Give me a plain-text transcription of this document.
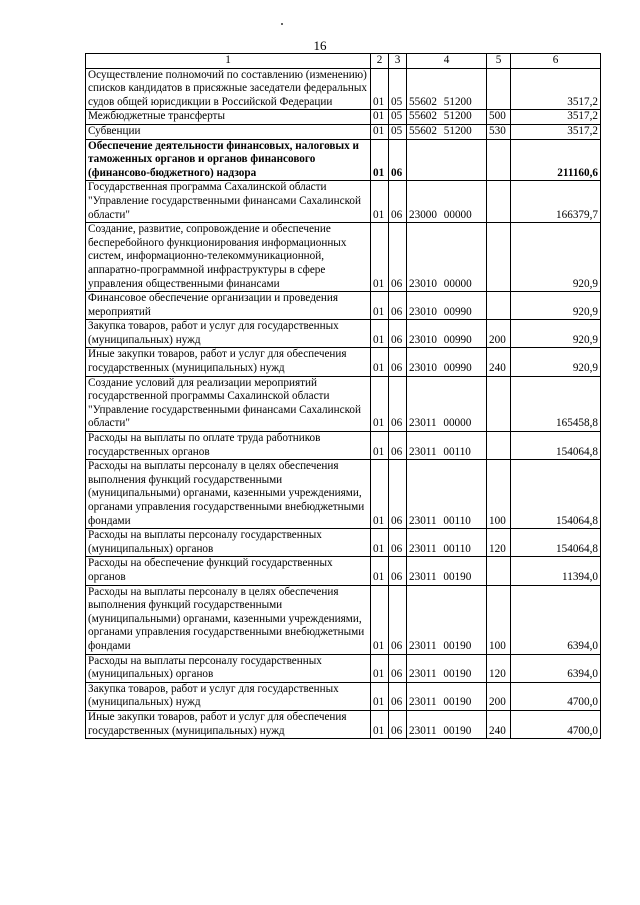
16
1	2	3	4	5	6
Осуществление полномочий по составлению (изменению) списков кандидатов в присяжные заседатели федеральных судов общей юрисдикции в Российской Федерации	01	05	55602 51200		3517,2
Межбюджетные трансферты	01	05	55602 51200	500	3517,2
Субвенции	01	05	55602 51200	530	3517,2
Обеспечение деятельности финансовых, налоговых и таможенных органов и органов финансового (финансово-бюджетного) надзора	01	06			211160,6
Государственная программа Сахалинской области "Управление государственными финансами Сахалинской области"	01	06	23000 00000		166379,7
Создание, развитие, сопровождение и обеспечение бесперебойного функционирования информационных систем, информационно-телекоммуникационной, аппаратно-программной инфраструктуры в сфере управления общественными финансами	01	06	23010 00000		920,9
Финансовое обеспечение организации и проведения мероприятий	01	06	23010 00990		920,9
Закупка товаров, работ и услуг для государственных (муниципальных) нужд	01	06	23010 00990	200	920,9
Иные закупки товаров, работ и услуг для обеспечения государственных (муниципальных) нужд	01	06	23010 00990	240	920,9
Создание условий для реализации мероприятий государственной программы Сахалинской области "Управление государственными финансами Сахалинской области"	01	06	23011 00000		165458,8
Расходы на выплаты по оплате труда работников государственных органов	01	06	23011 00110		154064,8
Расходы на выплаты персоналу в целях обеспечения выполнения функций государственными (муниципальными) органами, казенными учреждениями, органами управления государственными внебюджетными фондами	01	06	23011 00110	100	154064,8
Расходы на выплаты персоналу государственных (муниципальных) органов	01	06	23011 00110	120	154064,8
Расходы на обеспечение функций государственных органов	01	06	23011 00190		11394,0
Расходы на выплаты персоналу в целях обеспечения выполнения функций государственными (муниципальными) органами, казенными учреждениями, органами управления государственными внебюджетными фондами	01	06	23011 00190	100	6394,0
Расходы на выплаты персоналу государственных (муниципальных) органов	01	06	23011 00190	120	6394,0
Закупка товаров, работ и услуг для государственных (муниципальных) нужд	01	06	23011 00190	200	4700,0
Иные закупки товаров, работ и услуг для обеспечения государственных (муниципальных) нужд	01	06	23011 00190	240	4700,0
